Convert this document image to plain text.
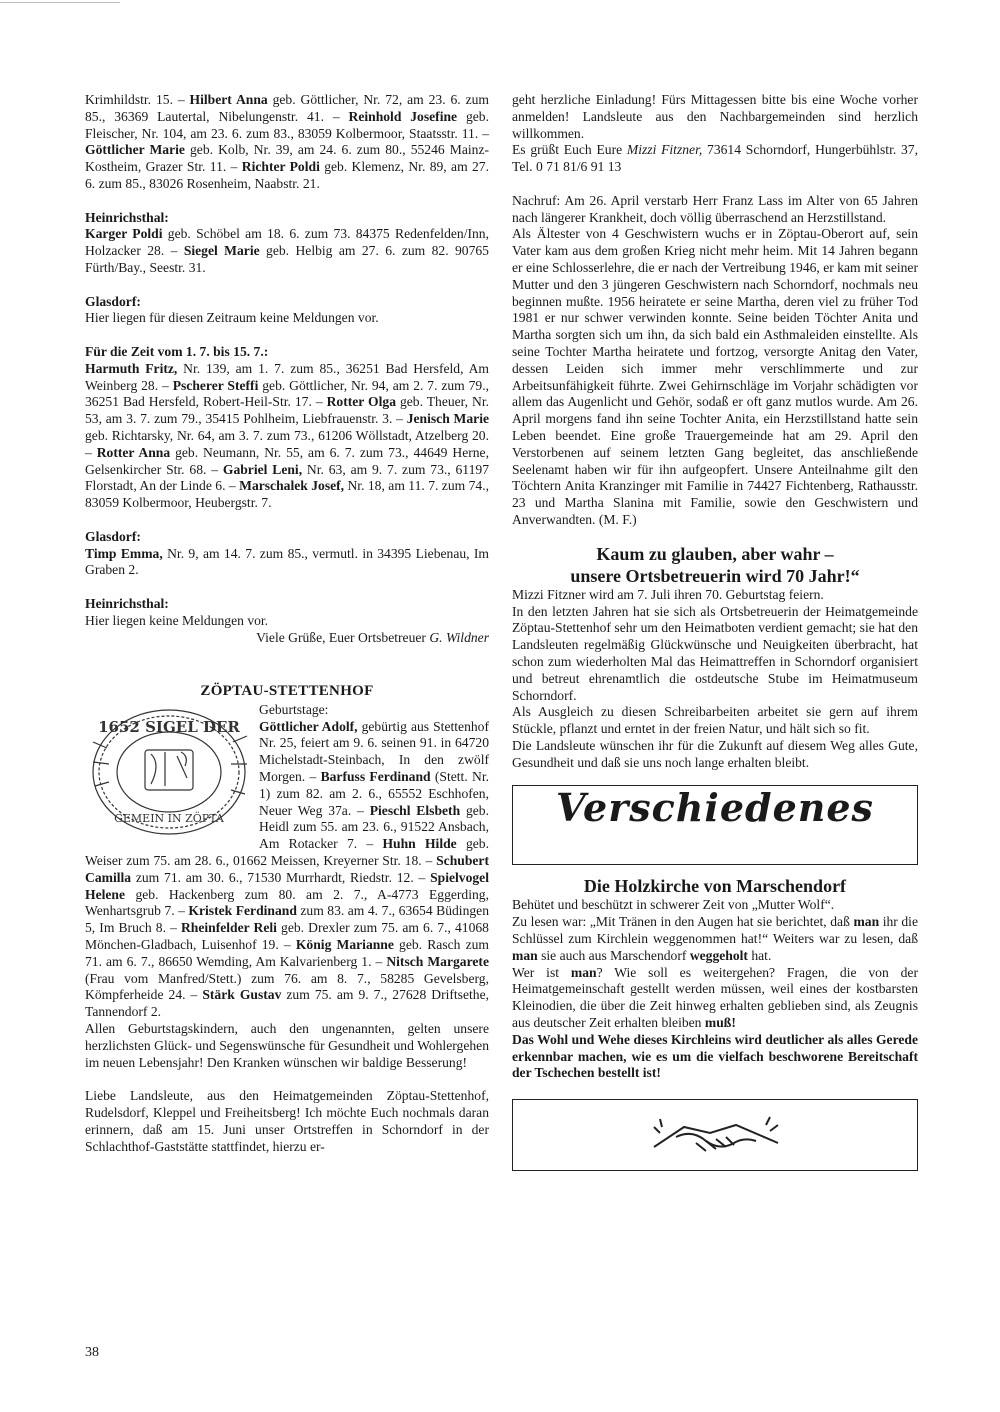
Krimhildstr. 15. – Hilbert Anna geb. Göttlicher, Nr. 72, am 23. 6. zum 85., 36369 Lautertal, Nibelungenstr. 41. – Reinhold Josefine geb. Fleischer, Nr. 104, am 23. 6. zum 83., 83059 Kolbermoor, Staatsstr. 11. – Göttlicher Marie geb. Kolb, Nr. 39, am 24. 6. zum 80., 55246 Mainz-Kostheim, Grazer Str. 11. – Richter Poldi geb. Klemenz, Nr. 89, am 27. 6. zum 85., 83026 Rosenheim, Naabstr. 21.

Heinrichsthal:

Karger Poldi geb. Schöbel am 18. 6. zum 73. 84375 Redenfelden/Inn, Holzacker 28. – Siegel Marie geb. Helbig am 27. 6. zum 82. 90765 Fürth/Bay., Seestr. 31.

Glasdorf:

Hier liegen für diesen Zeitraum keine Meldungen vor.

Für die Zeit vom 1. 7. bis 15. 7.:

Harmuth Fritz, Nr. 139, am 1. 7. zum 85., 36251 Bad Hersfeld, Am Weinberg 28. – Pscherer Steffi geb. Göttlicher, Nr. 94, am 2. 7. zum 79., 36251 Bad Hersfeld, Robert-Heil-Str. 17. – Rotter Olga geb. Theuer, Nr. 53, am 3. 7. zum 79., 35415 Pohlheim, Liebfrauenstr. 3. – Jenisch Marie geb. Richtarsky, Nr. 64, am 3. 7. zum 73., 61206 Wöllstadt, Atzelberg 20. – Rotter Anna geb. Neumann, Nr. 55, am 6. 7. zum 73., 44649 Herne, Gelsenkircher Str. 68. – Gabriel Leni, Nr. 63, am 9. 7. zum 73., 61197 Florstadt, An der Linde 6. – Marschalek Josef, Nr. 18, am 11. 7. zum 74., 83059 Kolbermoor, Heubergstr. 7.

Glasdorf:

Timp Emma, Nr. 9, am 14. 7. zum 85., vermutl. in 34395 Liebenau, Im Graben 2.

Heinrichsthal:

Hier liegen keine Meldungen vor.

Viele Grüße, Euer Ortsbetreuer G. Wildner

ZÖPTAU-STETTENHOF

1652 SIGEL DER
GEMEIN IN ZÖPTA

Geburtstage:

Göttlicher Adolf, gebürtig aus Stettenhof Nr. 25, feiert am 9. 6. seinen 91. in 64720 Michelstadt-Steinbach, In den zwölf Morgen. – Barfuss Ferdinand (Stett. Nr. 1) zum 82. am 2. 6., 65552 Eschhofen, Neuer Weg 37a. – Pieschl Elsbeth geb. Heidl zum 55. am 23. 6., 91522 Ansbach, Am Rotacker 7. – Huhn Hilde geb. Weiser zum 75. am 28. 6., 01662 Meissen, Kreyerner Str. 18. – Schubert Camilla zum 71. am 30. 6., 71530 Murrhardt, Riedstr. 12. – Spielvogel Helene geb. Hackenberg zum 80. am 2. 7., A-4773 Eggerding, Wenhartsgrub 7. – Kristek Ferdinand zum 83. am 4. 7., 63654 Büdingen 5, Im Bruch 8. – Rheinfelder Reli geb. Drexler zum 75. am 6. 7., 41068 Mönchen-Gladbach, Luisenhof 19. – König Marianne geb. Rasch zum 71. am 6. 7., 86650 Wemding, Am Kalvarienberg 1. – Nitsch Margarete (Frau vom Manfred/Stett.) zum 76. am 8. 7., 58285 Gevelsberg, Kömpferheide 24. – Stärk Gustav zum 75. am 9. 7., 27628 Driftsethe, Tannendorf 2.

Allen Geburtstagskindern, auch den ungenannten, gelten unsere herzlichsten Glück- und Segenswünsche für Gesundheit und Wohlergehen im neuen Lebensjahr! Den Kranken wünschen wir baldige Besserung!

Liebe Landsleute, aus den Heimatgemeinden Zöptau-Stettenhof, Rudelsdorf, Kleppel und Freiheitsberg! Ich möchte Euch nochmals daran erinnern, daß am 15. Juni unser Ortstreffen in Schorndorf in der Schlachthof-Gaststätte stattfindet, hierzu er-

geht herzliche Einladung! Fürs Mittagessen bitte bis eine Woche vorher anmelden! Landsleute aus den Nachbargemeinden sind herzlich willkommen.

Es grüßt Euch Eure Mizzi Fitzner, 73614 Schorndorf, Hungerbühlstr. 37, Tel. 0 71 81/6 91 13

Nachruf: Am 26. April verstarb Herr Franz Lass im Alter von 65 Jahren nach längerer Krankheit, doch völlig überraschend an Herzstillstand.

Als Ältester von 4 Geschwistern wuchs er in Zöptau-Oberort auf, sein Vater kam aus dem großen Krieg nicht mehr heim. Mit 14 Jahren begann er eine Schlosserlehre, die er nach der Vertreibung 1946, er kam mit seiner Mutter und den 3 jüngeren Geschwistern nach Schorndorf, nochmals neu beginnen mußte. 1956 heiratete er seine Martha, deren viel zu früher Tod 1981 er nur schwer verwinden konnte. Seine beiden Töchter Anita und Martha sorgten sich um ihn, da sich bald ein Asthmaleiden einstellte. Als seine Tochter Martha heiratete und fortzog, versorgte Anitag den Vater, dessen Leiden sich immer mehr verschlimmerte und zur Arbeitsunfähigkeit führte. Zwei Gehirnschläge im Vorjahr schädigten vor allem das Augenlicht und Gehör, sodaß er oft ganz mutlos wurde. Am 26. April morgens fand ihn seine Tochter Anita, ein Herzstillstand hatte sein Leben beendet. Eine große Trauergemeinde hat am 29. April den Verstorbenen auf seinem letzten Gang begleitet, das anschließende Seelenamt haben wir für ihn aufgeopfert. Unsere Anteilnahme gilt den Töchtern Anita Kranzinger mit Familie in 74427 Fichtenberg, Rathausstr. 23 und Martha Slanina mit Familie, sowie den Geschwistern und Anverwandten. (M. F.)

Kaum zu glauben, aber wahr –

unsere Ortsbetreuerin wird 70 Jahr!“

Mizzi Fitzner wird am 7. Juli ihren 70. Geburtstag feiern.

In den letzten Jahren hat sie sich als Ortsbetreuerin der Heimatgemeinde Zöptau-Stettenhof sehr um den Heimatboten verdient gemacht; sie hat den Landsleuten regelmäßig Glückwünsche und Neuigkeiten überbracht, hat schon zum wiederholten Mal das Heimattreffen in Schorndorf organisiert und betreut ehrenamtlich die ostdeutsche Stube im Heimatmuseum Schorndorf.

Als Ausgleich zu diesen Schreibarbeiten arbeitet sie gern auf ihrem Stückle, pflanzt und erntet in der freien Natur, und hält sich so fit.

Die Landsleute wünschen ihr für die Zukunft auf diesem Weg alles Gute, Gesundheit und daß sie uns noch lange erhalten bleibt.

Verschiedenes

Die Holzkirche von Marschendorf

Behütet und beschützt in schwerer Zeit von „Mutter Wolf“.

Zu lesen war: „Mit Tränen in den Augen hat sie berichtet, daß man ihr die Schlüssel zum Kirchlein weggenommen hat!“ Weiters war zu lesen, daß man sie auch aus Marschendorf weggeholt hat.

Wer ist man? Wie soll es weitergehen? Fragen, die von der Heimatgemeinschaft gestellt werden müssen, weil eines der kostbarsten Kleinodien, die über die Zeit hinweg erhalten geblieben sind, als Zeugnis aus deutscher Zeit erhalten bleiben muß!

Das Wohl und Wehe dieses Kirchleins wird deutlicher als alles Gerede erkennbar machen, wie es um die vielfach beschworene Bereitschaft der Tschechen bestellt ist!

38
